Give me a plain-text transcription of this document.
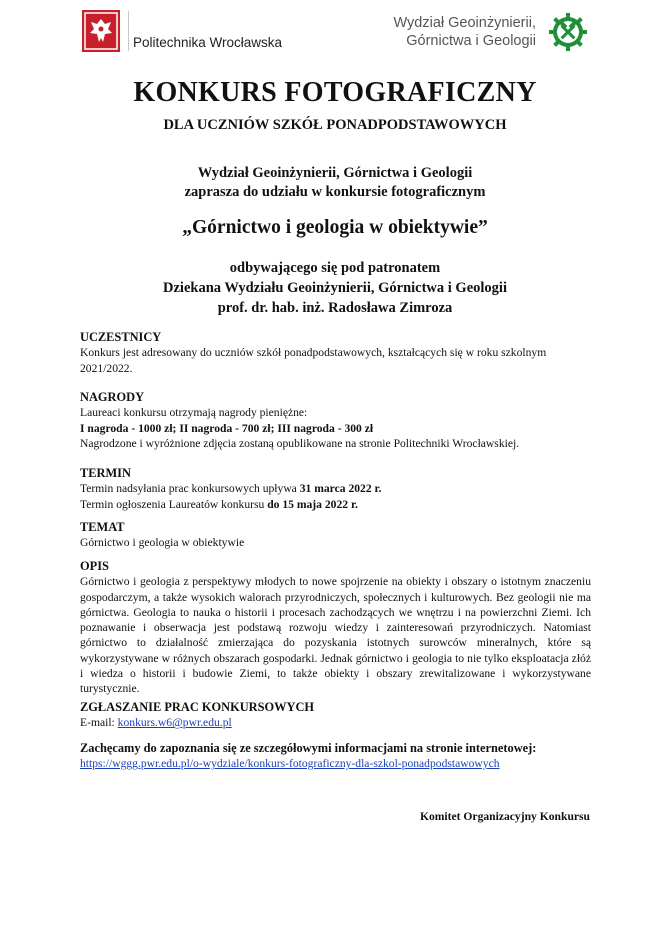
Politechnika Wrocławska
Wydział Geoinżynierii,
Górnictwa i Geologii
KONKURS FOTOGRAFICZNY
DLA UCZNIÓW SZKÓŁ PONADPODSTAWOWYCH
Wydział Geoinżynierii, Górnictwa i Geologii
zaprasza do udziału w konkursie fotograficznym
„Górnictwo i geologia w obiektywie”
odbywającego się pod patronatem
Dziekana Wydziału Geoinżynierii, Górnictwa i Geologii
prof. dr. hab. inż. Radosława Zimroza
UCZESTNICY

Konkurs jest adresowany do uczniów szkół ponadpodstawowych, kształcących się w roku szkolnym 2021/2022.

NAGRODY

Laureaci konkursu otrzymają nagrody pieniężne:

I nagroda - 1000 zł; II nagroda - 700 zł; III nagroda - 300 zł

Nagrodzone i wyróżnione zdjęcia zostaną opublikowane na stronie Politechniki Wrocławskiej.

TERMIN

Termin nadsyłania prac konkursowych upływa 31 marca 2022 r.

Termin ogłoszenia Laureatów konkursu do 15 maja 2022 r.

TEMAT

Górnictwo i geologia w obiektywie

OPIS

Górnictwo i geologia z perspektywy młodych to nowe spojrzenie na obiekty i obszary o istotnym znaczeniu gospodarczym, a także wysokich walorach przyrodniczych, społecznych i kulturowych. Bez geologii nie ma górnictwa. Geologia to nauka o historii i procesach zachodzących we wnętrzu i na powierzchni Ziemi. Ich poznawanie i obserwacja jest podstawą rozwoju wiedzy i zainteresowań przyrodniczych. Natomiast górnictwo to działalność zmierzająca do pozyskania istotnych surowców mineralnych, które są wykorzystywane w różnych obszarach gospodarki. Jednak górnictwo i geologia to nie tylko eksploatacja złóż i wiedza o historii i budowie Ziemi, to także obiekty i obszary zrewitalizowane i wykorzystywane turystycznie.

ZGŁASZANIE PRAC KONKURSOWYCH

E-mail: konkurs.w6@pwr.edu.pl

Zachęcamy do zapoznania się ze szczegółowymi informacjami na stronie internetowej:

https://wggg.pwr.edu.pl/o-wydziale/konkurs-fotograficzny-dla-szkol-ponadpodstawowych

Komitet Organizacyjny Konkursu
